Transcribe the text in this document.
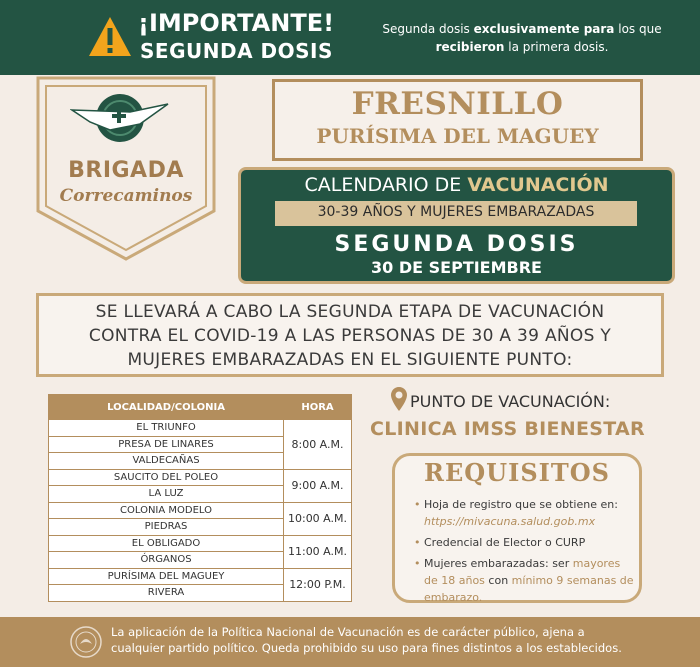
¡IMPORTANTE!
SEGUNDA DOSIS
Segunda dosis exclusivamente para los que
recibieron la primera dosis.
BRIGADA
Correcaminos
FRESNILLO
PURÍSIMA DEL MAGUEY
CALENDARIO DE VACUNACIÓN
30-39 AÑOS Y MUJERES EMBARAZADAS
SEGUNDA DOSIS
30 DE SEPTIEMBRE
SE LLEVARÁ A CABO LA SEGUNDA ETAPA DE VACUNACIÓN
CONTRA EL COVID-19 A LAS PERSONAS DE 30 A 39 AÑOS Y
MUJERES EMBARAZADAS EN EL SIGUIENTE PUNTO:
LOCALIDAD/COLONIA	HORA
EL TRIUNFO	8:00 A.M.
PRESA DE LINARES	
VALDECAÑAS	
SAUCITO DEL POLEO	9:00 A.M.
LA LUZ	
COLONIA MODELO	10:00 A.M.
PIEDRAS	
EL OBLIGADO	11:00 A.M.
ÓRGANOS	
PURÍSIMA DEL MAGUEY	12:00 P.M.
RIVERA	
PUNTO DE VACUNACIÓN:
CLINICA IMSS BIENESTAR
REQUISITOS
• Hoja de registro que se obtiene en: https://mivacuna.salud.gob.mx
• Credencial de Elector o CURP
• Mujeres embarazadas: ser mayores de 18 años con mínimo 9 semanas de embarazo.
La aplicación de la Política Nacional de Vacunación es de carácter público, ajena a
cualquier partido político. Queda prohibido su uso para fines distintos a los establecidos.
